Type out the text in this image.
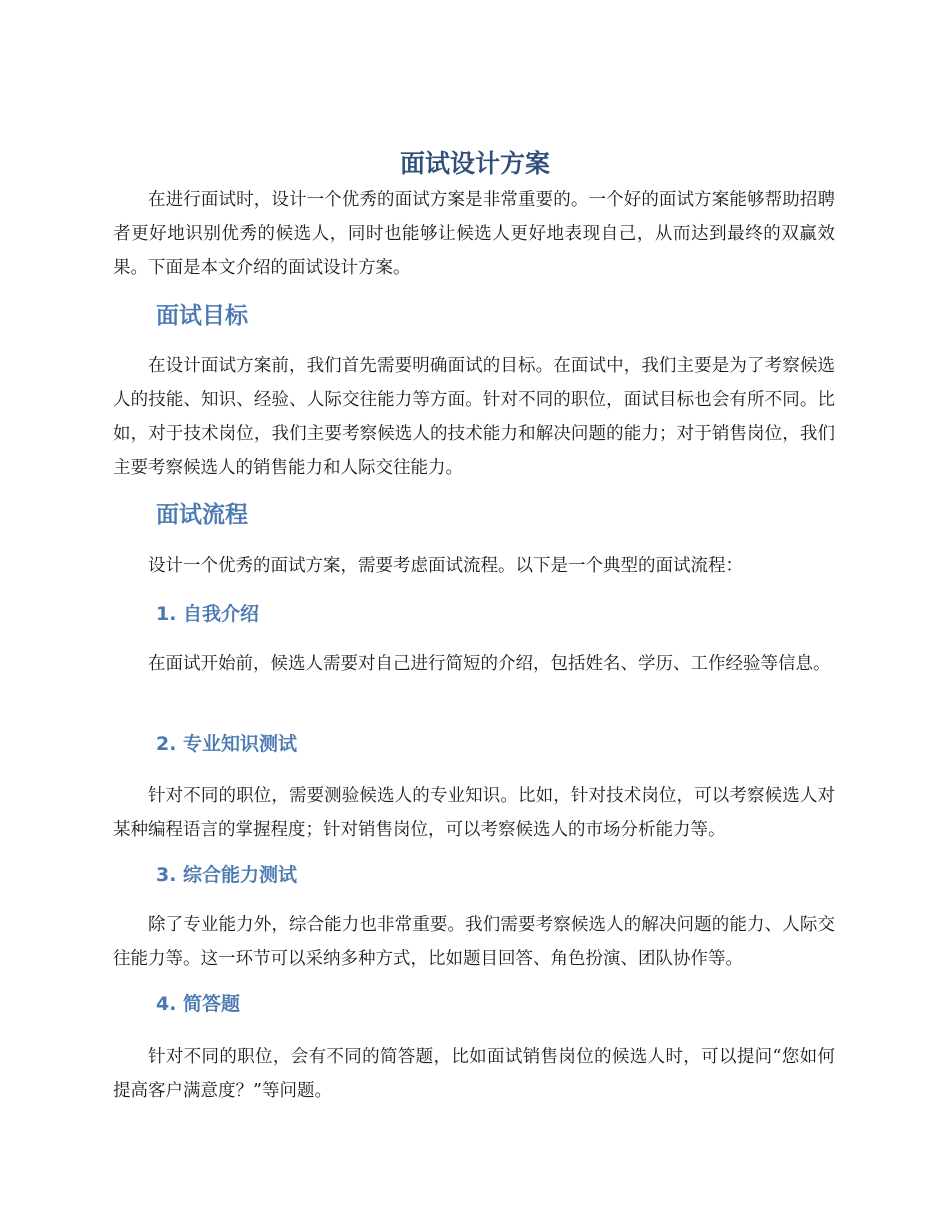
面试设计方案

在进行面试时，设计一个优秀的面试方案是非常重要的。一个好的面试方案能够帮助招聘者更好地识别优秀的候选人，同时也能够让候选人更好地表现自己，从而达到最终的双赢效果。下面是本文介绍的面试设计方案。

面试目标

在设计面试方案前，我们首先需要明确面试的目标。在面试中，我们主要是为了考察候选人的技能、知识、经验、人际交往能力等方面。针对不同的职位，面试目标也会有所不同。比如，对于技术岗位，我们主要考察候选人的技术能力和解决问题的能力；对于销售岗位，我们主要考察候选人的销售能力和人际交往能力。

面试流程

设计一个优秀的面试方案，需要考虑面试流程。以下是一个典型的面试流程：

1. 自我介绍

在面试开始前，候选人需要对自己进行简短的介绍，包括姓名、学历、工作经验等信息。

2. 专业知识测试

针对不同的职位，需要测验候选人的专业知识。比如，针对技术岗位，可以考察候选人对某种编程语言的掌握程度；针对销售岗位，可以考察候选人的市场分析能力等。

3. 综合能力测试

除了专业能力外，综合能力也非常重要。我们需要考察候选人的解决问题的能力、人际交往能力等。这一环节可以采纳多种方式，比如题目回答、角色扮演、团队协作等。

4. 简答题

针对不同的职位，会有不同的简答题，比如面试销售岗位的候选人时，可以提问“您如何提高客户满意度？”等问题。
